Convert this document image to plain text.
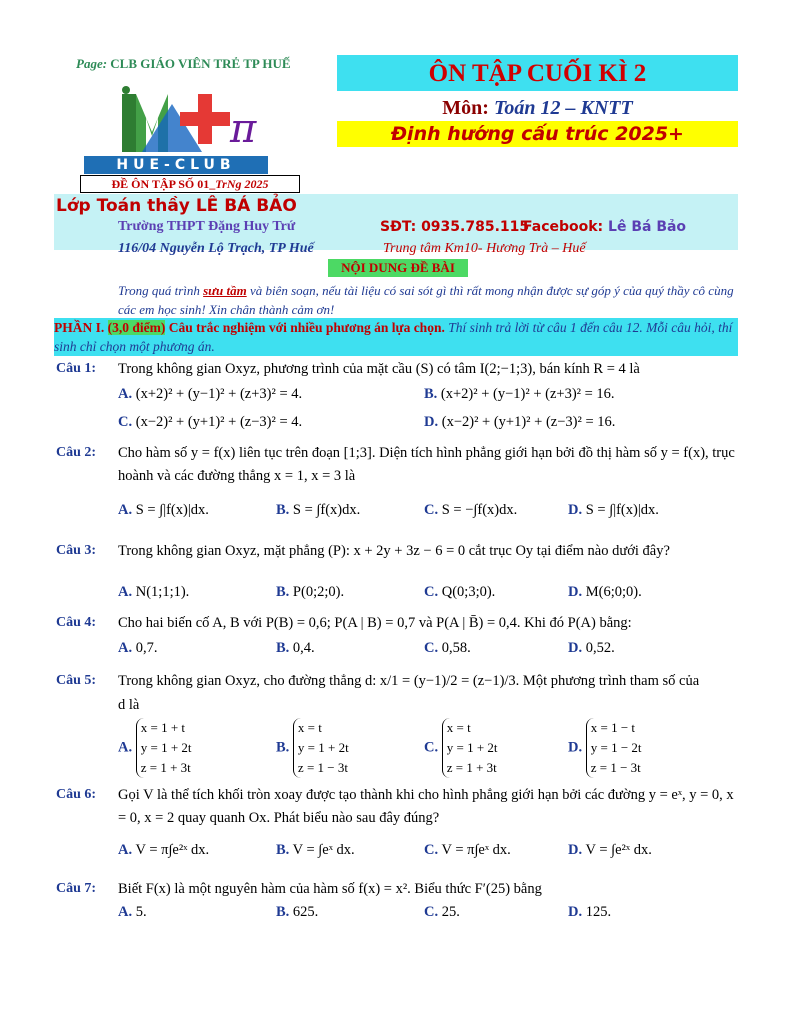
Page: CLB GIÁO VIÊN TRẺ TP HUẾ
π
HUE-CLUB
ĐỀ ÔN TẬP SỐ 01_TrNg 2025
ÔN TẬP CUỐI KÌ 2
Môn: Toán 12 – KNTT
Định hướng cấu trúc 2025+
Lớp Toán thầy LÊ BÁ BẢO
Trường THPT Đặng Huy Trứ	SĐT: 0935.785.115
Facebook: Lê Bá Bảo
116/04 Nguyễn Lộ Trạch, TP Huế	Trung tâm Km10- Hương Trà – Huế
NỘI DUNG ĐỀ BÀI
Trong quá trình sưu tầm và biên soạn, nếu tài liệu có sai sót gì thì rất mong nhận được sự góp ý của quý thầy cô cùng các em học sinh! Xin chân thành cảm ơn!
PHẦN I. (3,0 điểm) Câu trắc nghiệm với nhiều phương án lựa chọn. Thí sinh trả lời từ câu 1 đến câu 12. Mỗi câu hỏi, thí sinh chỉ chọn một phương án.
Câu 1: Trong không gian Oxyz, phương trình của mặt cầu (S) có tâm I(2;−1;3), bán kính R = 4 là
A. (x+2)² + (y−1)² + (z+3)² = 4.	B. (x+2)² + (y−1)² + (z+3)² = 16.
C. (x−2)² + (y+1)² + (z−3)² = 4.	D. (x−2)² + (y+1)² + (z−3)² = 16.
Câu 2: Cho hàm số y = f(x) liên tục trên đoạn [1;3]. Diện tích hình phẳng giới hạn bởi đồ thị hàm số y = f(x), trục hoành và các đường thẳng x = 1, x = 3 là
A. S = ∫|f(x)|dx.	B. S = ∫f(x)dx.	C. S = −∫f(x)dx.	D. S = ∫|f(x)|dx.
Câu 3: Trong không gian Oxyz, mặt phẳng (P): x + 2y + 3z − 6 = 0 cắt trục Oy tại điểm nào dưới đây?
A. N(1;1;1).	B. P(0;2;0).	C. Q(0;3;0).	D. M(6;0;0).
Câu 4: Cho hai biến cố A, B với P(B) = 0,6; P(A | B) = 0,7 và P(A | B̄) = 0,4. Khi đó P(A) bằng:
A. 0,7.	B. 0,4.	C. 0,58.	D. 0,52.
Câu 5: Trong không gian Oxyz, cho đường thẳng d: x/1 = (y−1)/2 = (z−1)/3. Một phương trình tham số của
d là
A.
x = 1 + t
y = 1 + 2t
z = 1 + 3t
B.
x = t
y = 1 + 2t
z = 1 − 3t
C.
x = t
y = 1 + 2t
z = 1 + 3t
D.
x = 1 − t
y = 1 − 2t
z = 1 − 3t
Câu 6: Gọi V là thể tích khối tròn xoay được tạo thành khi cho hình phẳng giới hạn bởi các đường y = eˣ, y = 0, x = 0, x = 2 quay quanh Ox. Phát biểu nào sau đây đúng?
A. V = π∫e²ˣ dx.	B. V = ∫eˣ dx.	C. V = π∫eˣ dx.	D. V = ∫e²ˣ dx.
Câu 7: Biết F(x) là một nguyên hàm của hàm số f(x) = x². Biểu thức F′(25) bằng
A. 5.	B. 625.	C. 25.	D. 125.
